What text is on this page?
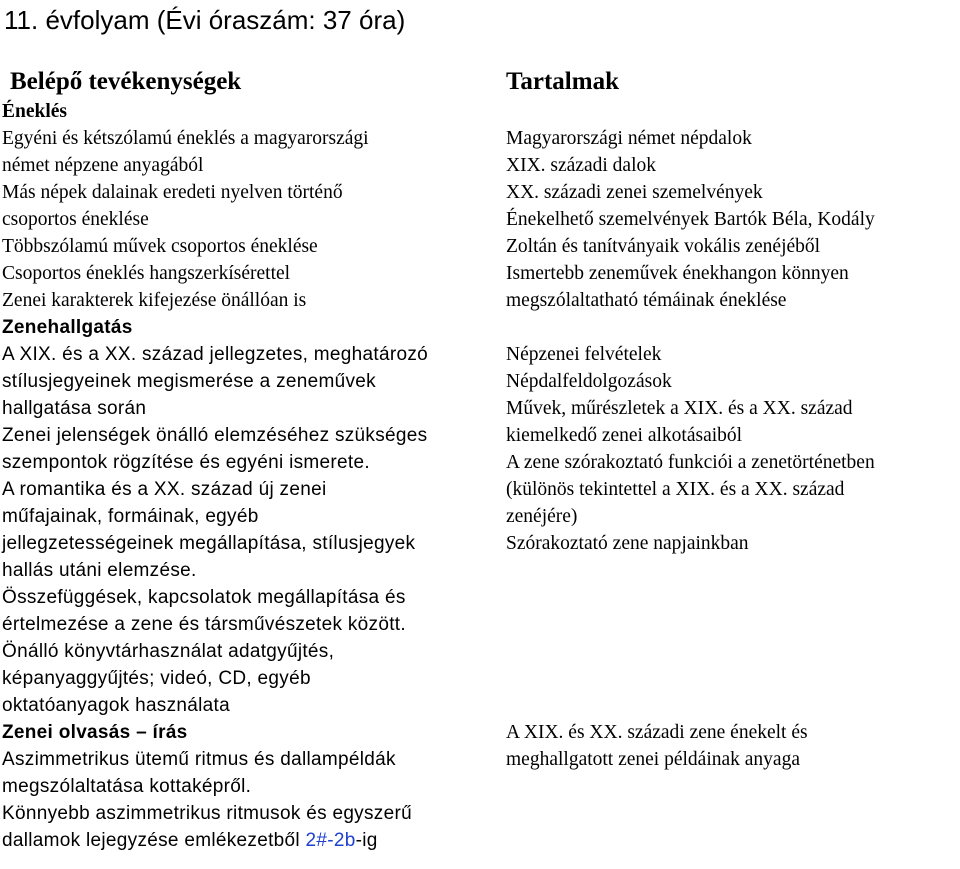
11. évfolyam (Évi óraszám: 37 óra)
Belépő tevékenységek
Éneklés
Egyéni és kétszólamú éneklés a magyarországi
német népzene anyagából
Más népek dalainak eredeti nyelven történő
csoportos éneklése
Többszólamú művek csoportos éneklése
Csoportos éneklés hangszerkísérettel
Zenei karakterek kifejezése önállóan is
Zenehallgatás
A XIX. és a XX. század jellegzetes, meghatározó
stílusjegyeinek megismerése a zeneművek
hallgatása során
Zenei jelenségek önálló elemzéséhez szükséges
szempontok rögzítése és egyéni ismerete.
A romantika és a XX. század új zenei
műfajainak, formáinak, egyéb
jellegzetességeinek megállapítása, stílusjegyek
hallás utáni elemzése.
Összefüggések, kapcsolatok megállapítása és
értelmezése a zene és társművészetek között.
Önálló könyvtárhasználat adatgyűjtés,
képanyaggyűjtés; videó, CD, egyéb
oktatóanyagok használata
Zenei olvasás – írás
Aszimmetrikus ütemű ritmus és dallampéldák
megszólaltatása kottaképről.
Könnyebb aszimmetrikus ritmusok és egyszerű
dallamok lejegyzése emlékezetből 2#-2b-ig
Tartalmak
Magyarországi német népdalok
XIX. századi dalok
XX. századi zenei szemelvények
Énekelhető szemelvények Bartók Béla, Kodály
Zoltán és tanítványaik vokális zenéjéből
Ismertebb zeneművek énekhangon könnyen
megszólaltatható témáinak éneklése
Népzenei felvételek
Népdalfeldolgozások
Művek, műrészletek a XIX. és a XX. század
kiemelkedő zenei alkotásaiból
A zene szórakoztató funkciói a zenetörténetben
(különös tekintettel a XIX. és a XX. század
zenéjére)
Szórakoztató zene napjainkban
A XIX. és XX. századi zene énekelt és
meghallgatott zenei példáinak anyaga
